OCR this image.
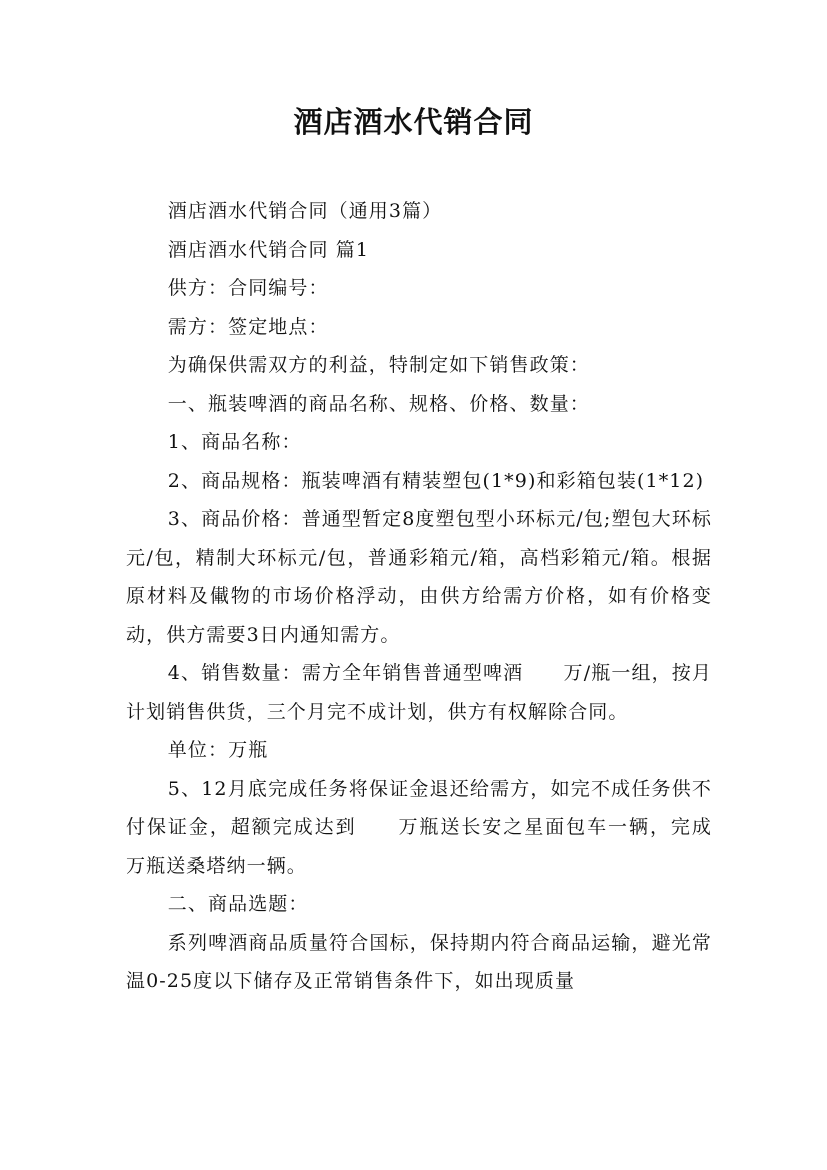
酒店酒水代销合同

酒店酒水代销合同（通用3篇）

酒店酒水代销合同 篇1

供方：合同编号：

需方：签定地点：

为确保供需双方的利益，特制定如下销售政策：

一、瓶装啤酒的商品名称、规格、价格、数量：

1、商品名称：

2、商品规格：瓶装啤酒有精装塑包(1*9)和彩箱包装(1*12)

3、商品价格：普通型暂定8度塑包型小环标元/包;塑包大环标元/包，精制大环标元/包，普通彩箱元/箱，高档彩箱元/箱。根据原材料及儎物的市场价格浮动，由供方给需方价格，如有价格变动，供方需要3日内通知需方。

4、销售数量：需方全年销售普通型啤酒　　万/瓶一组，按月计划销售供货，三个月完不成计划，供方有权解除合同。

单位：万瓶

5、12月底完成任务将保证金退还给需方，如完不成任务供不付保证金，超额完成达到　　万瓶送长安之星面包车一辆，完成　　万瓶送桑塔纳一辆。

二、商品选题：

系列啤酒商品质量符合国标，保持期内符合商品运输，避光常温0-25度以下储存及正常销售条件下，如出现质量
